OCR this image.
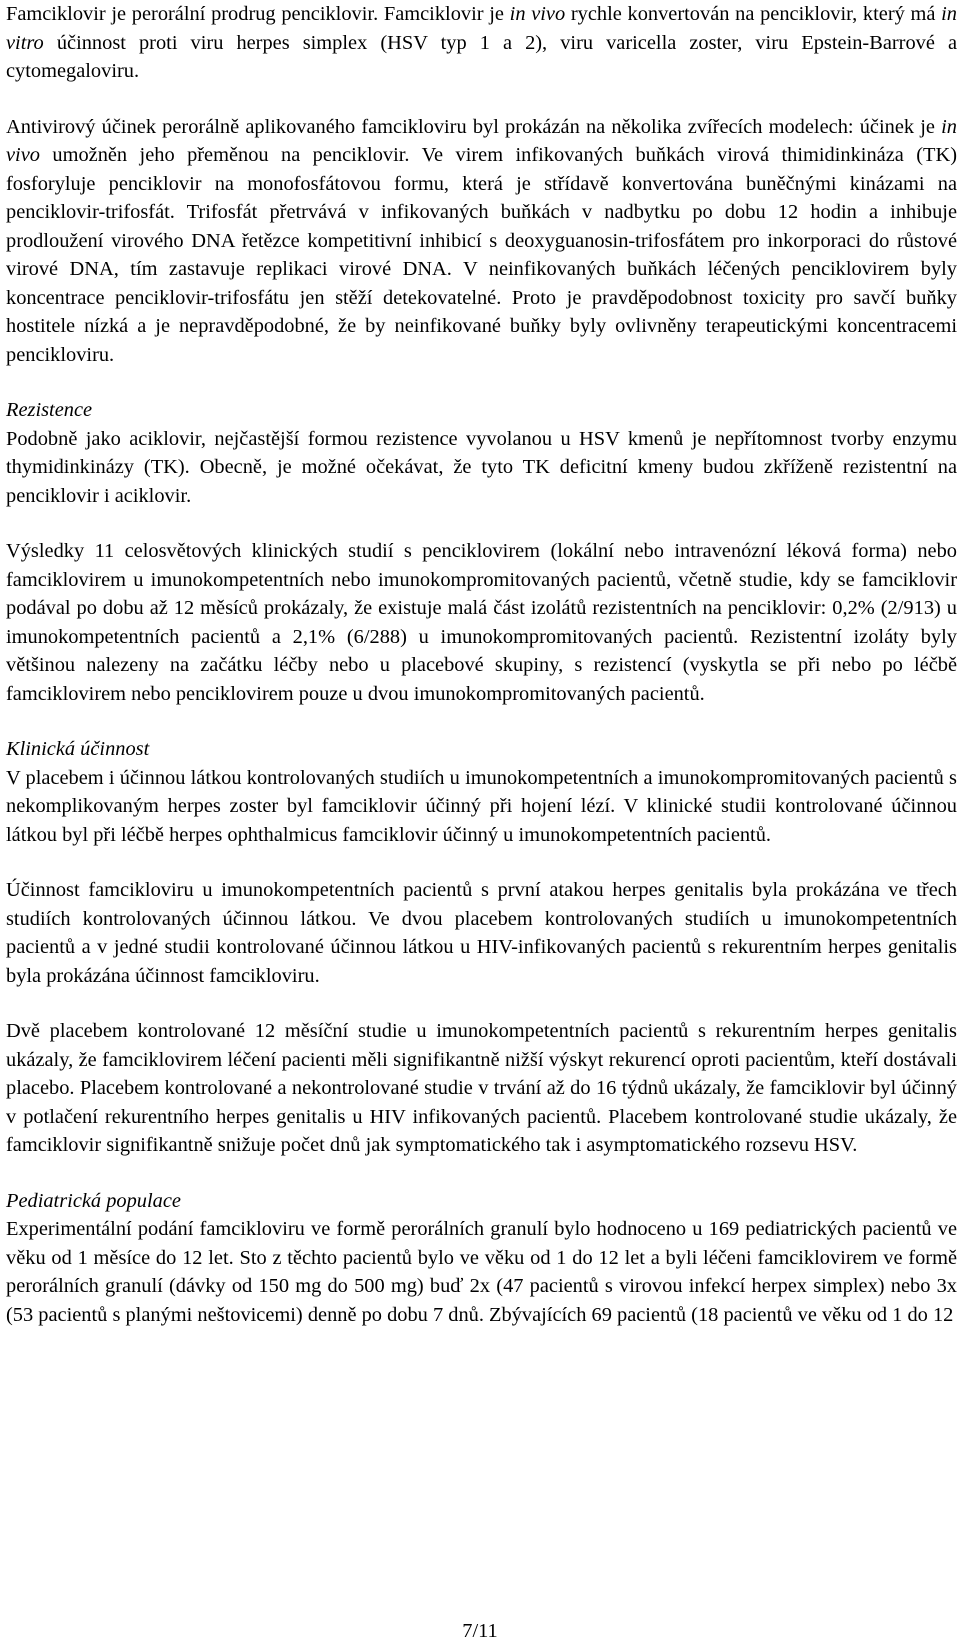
Famciklovir je perorální prodrug penciklovir. Famciklovir je in vivo rychle konvertován na penciklovir, který má in vitro účinnost proti viru herpes simplex (HSV typ 1 a 2), viru varicella zoster, viru Epstein-Barrové a cytomegaloviru.

Antivirový účinek perorálně aplikovaného famcikloviru byl prokázán na několika zvířecích modelech: účinek je in vivo umožněn jeho přeměnou na penciklovir. Ve virem infikovaných buňkách virová thimidinkináza (TK) fosforyluje penciklovir na monofosfátovou formu, která je střídavě konvertována buněčnými kinázami na penciklovir-trifosfát. Trifosfát přetrvává v infikovaných buňkách v nadbytku po dobu 12 hodin a inhibuje prodloužení virového DNA řetězce kompetitivní inhibicí s deoxyguanosin-trifosfátem pro inkorporaci do růstové virové DNA, tím zastavuje replikaci virové DNA. V neinfikovaných buňkách léčených penciklovirem byly koncentrace penciklovir-trifosfátu jen stěží detekovatelné. Proto je pravděpodobnost toxicity pro savčí buňky hostitele nízká a je nepravděpodobné, že by neinfikované buňky byly ovlivněny terapeutickými koncentracemi pencikloviru.

Rezistence

Podobně jako aciklovir, nejčastější formou rezistence vyvolanou u HSV kmenů je nepřítomnost tvorby enzymu thymidinkinázy (TK). Obecně, je možné očekávat, že tyto TK deficitní kmeny budou zkříženě rezistentní na penciklovir i aciklovir.

Výsledky 11 celosvětových klinických studií s penciklovirem (lokální nebo intravenózní léková forma) nebo famciklovirem u imunokompetentních nebo imunokompromitovaných pacientů, včetně studie, kdy se famciklovir podával po dobu až 12 měsíců prokázaly, že existuje malá část izolátů rezistentních na penciklovir: 0,2% (2/913) u imunokompetentních pacientů a 2,1% (6/288) u imunokompromitovaných pacientů. Rezistentní izoláty byly většinou nalezeny na začátku léčby nebo u placebové skupiny, s rezistencí (vyskytla se při nebo po léčbě famciklovirem nebo penciklovirem pouze u dvou imunokompromitovaných pacientů.

Klinická účinnost

V placebem i účinnou látkou kontrolovaných studiích u imunokompetentních a imunokompromitovaných pacientů s nekomplikovaným herpes zoster byl famciklovir účinný při hojení lézí. V klinické studii kontrolované účinnou látkou byl při léčbě herpes ophthalmicus famciklovir účinný u imunokompetentních pacientů.

Účinnost famcikloviru u imunokompetentních pacientů s první atakou herpes genitalis byla prokázána ve třech studiích kontrolovaných účinnou látkou. Ve dvou placebem kontrolovaných studiích u imunokompetentních pacientů a v jedné studii kontrolované účinnou látkou u HIV-infikovaných pacientů s rekurentním herpes genitalis byla prokázána účinnost famcikloviru.

Dvě placebem kontrolované 12 měsíční studie u imunokompetentních pacientů s rekurentním herpes genitalis ukázaly, že famciklovirem léčení pacienti měli signifikantně nižší výskyt rekurencí oproti pacientům, kteří dostávali placebo. Placebem kontrolované a nekontrolované studie v trvání až do 16 týdnů ukázaly, že famciklovir byl účinný v potlačení rekurentního herpes genitalis u HIV infikovaných pacientů. Placebem kontrolované studie ukázaly, že famciklovir signifikantně snižuje počet dnů jak symptomatického tak i asymptomatického rozsevu HSV.

Pediatrická populace

Experimentální podání famcikloviru ve formě perorálních granulí bylo hodnoceno u 169 pediatrických pacientů ve věku od 1 měsíce do 12 let. Sto z těchto pacientů bylo ve věku od 1 do 12 let a byli léčeni famciklovirem ve formě perorálních granulí (dávky od 150 mg do 500 mg) buď 2x (47 pacientů s virovou infekcí herpex simplex) nebo 3x (53 pacientů s planými neštovicemi) denně po dobu 7 dnů. Zbývajících 69 pacientů (18 pacientů ve věku od 1 do 12

7/11
